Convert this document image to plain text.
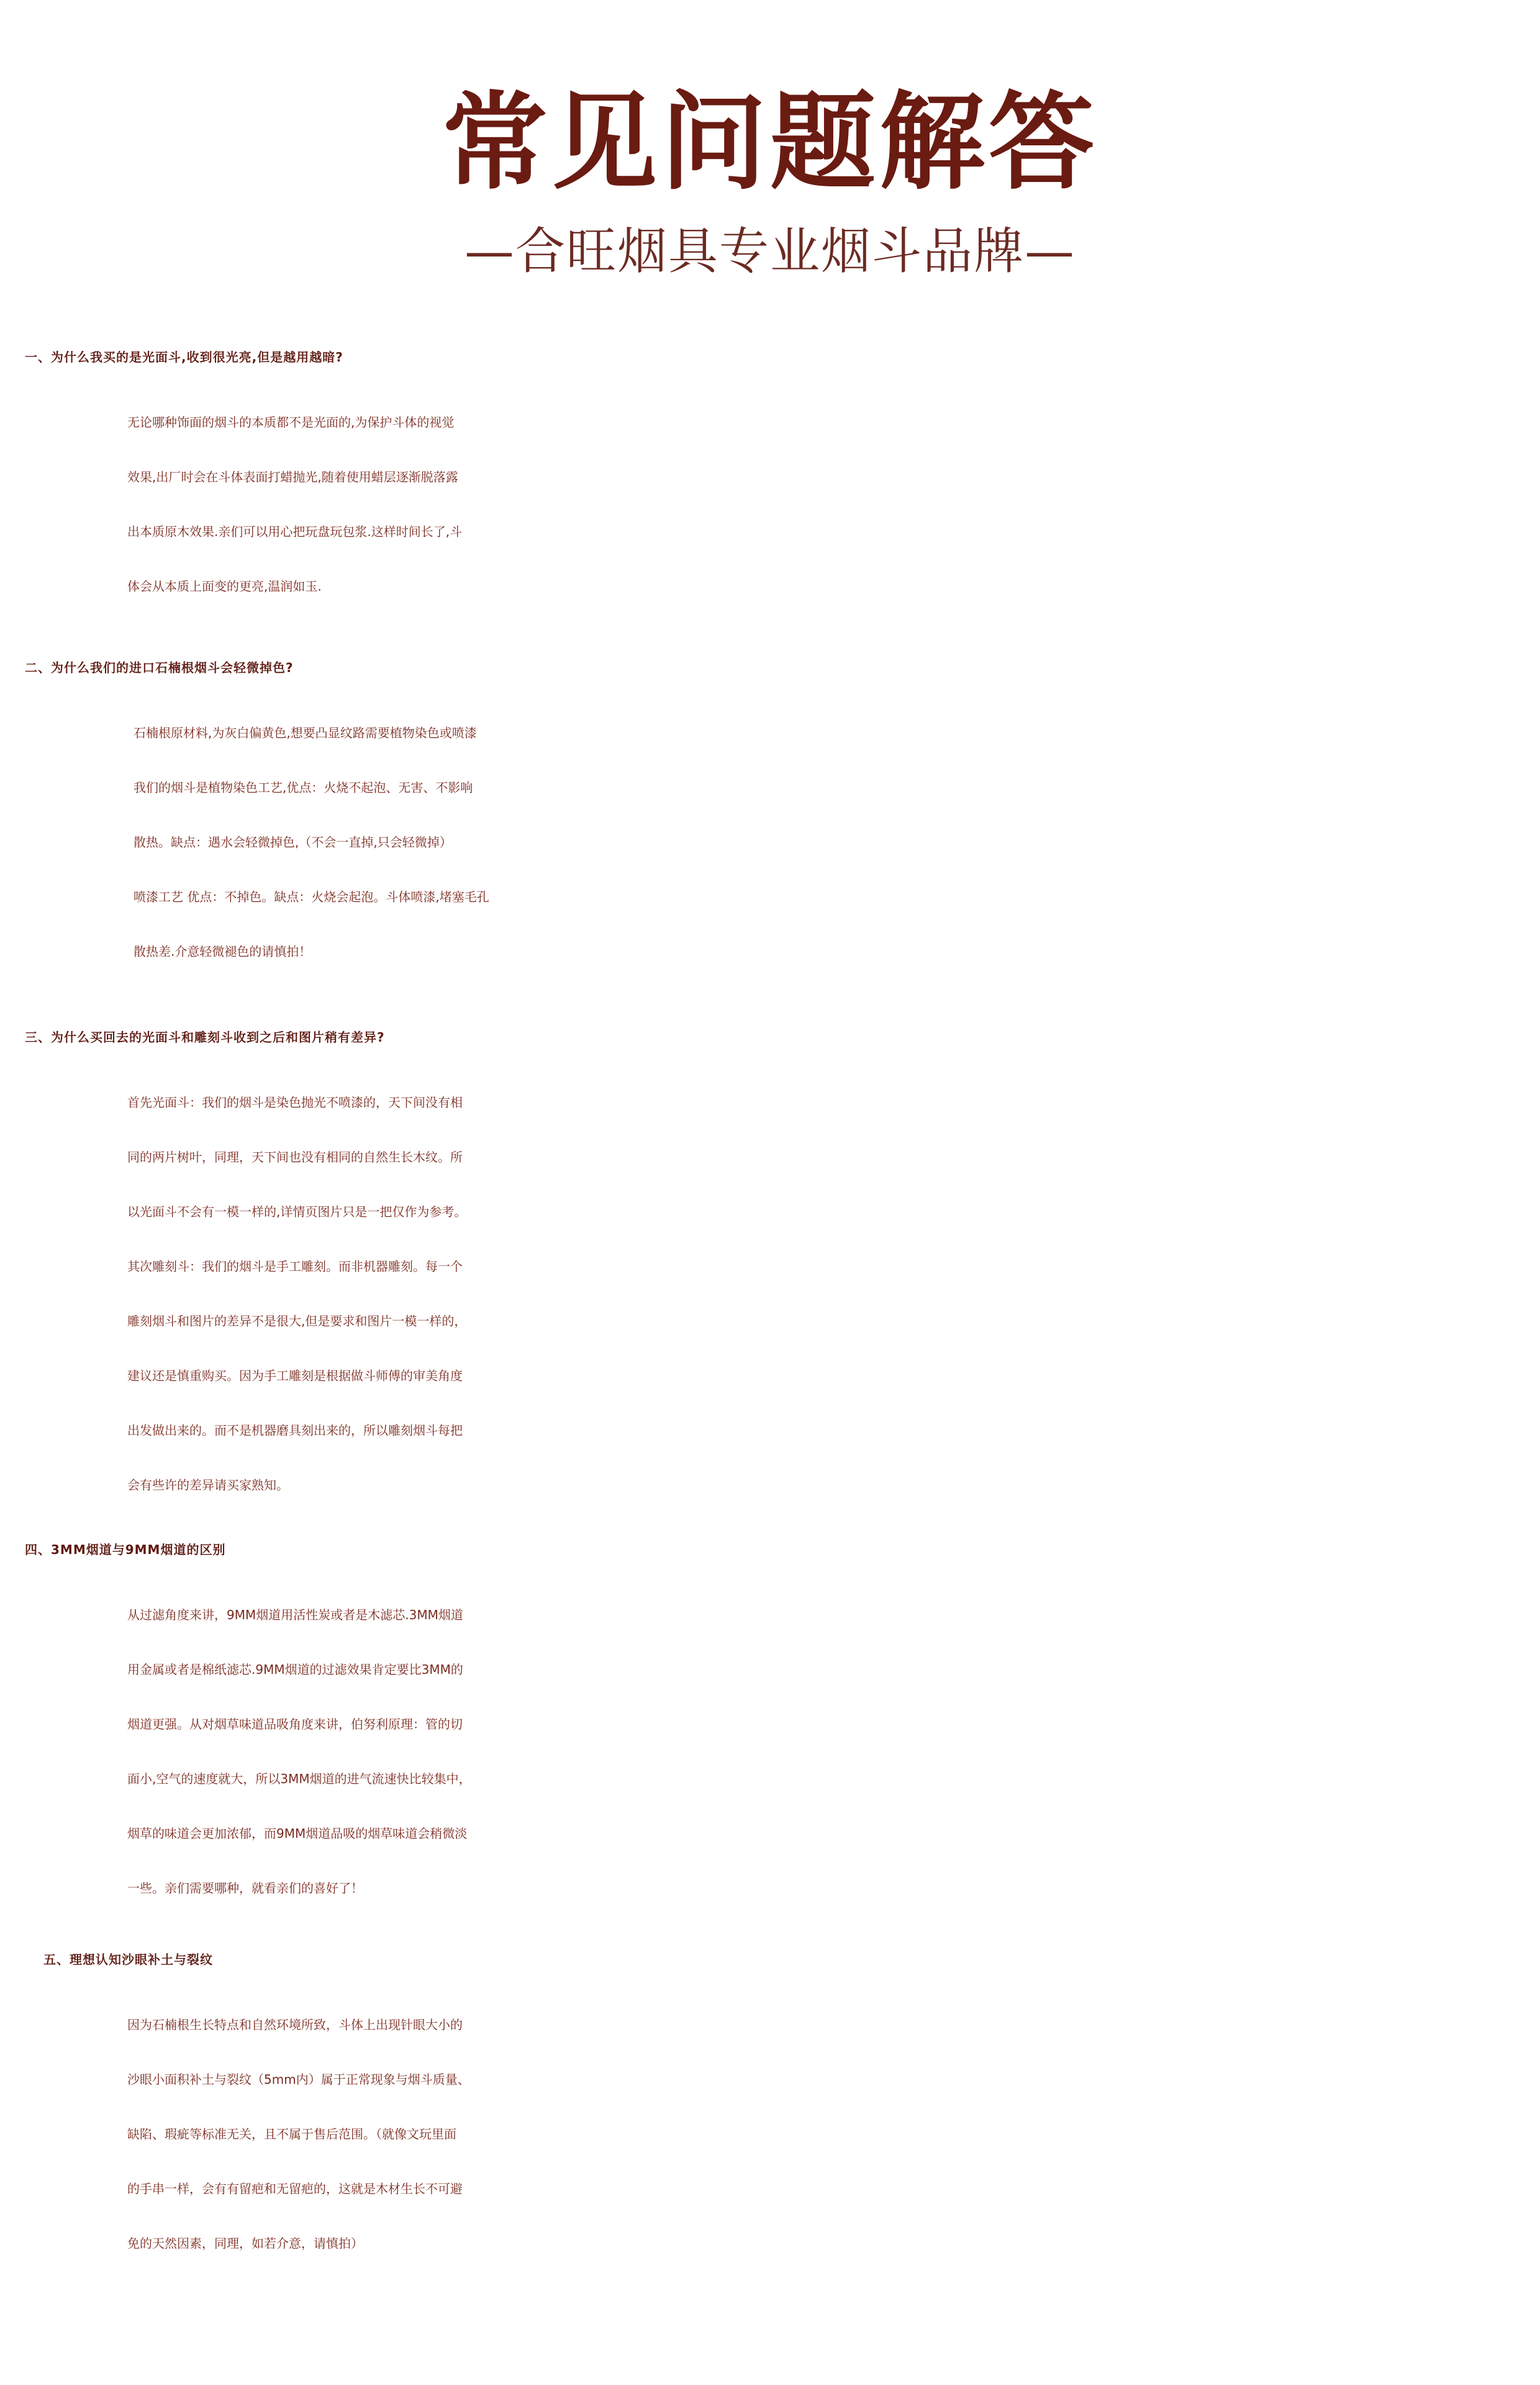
常见问题解答
—合旺烟具专业烟斗品牌—
一、为什么我买的是光面斗,收到很光亮,但是越用越暗?
无论哪种饰面的烟斗的本质都不是光面的,为保护斗体的视觉
效果,出厂时会在斗体表面打蜡抛光,随着使用蜡层逐渐脱落露
出本质原木效果.亲们可以用心把玩盘玩包浆.这样时间长了,斗
体会从本质上面变的更亮,温润如玉.
二、为什么我们的进口石楠根烟斗会轻微掉色?
石楠根原材料,为灰白偏黄色,想要凸显纹路需要植物染色或喷漆
我们的烟斗是植物染色工艺,优点：火烧不起泡、无害、不影响
散热。缺点：遇水会轻微掉色,（不会一直掉,只会轻微掉）
喷漆工艺 优点：不掉色。缺点：火烧会起泡。斗体喷漆,堵塞毛孔
散热差.介意轻微褪色的请慎拍！
三、为什么买回去的光面斗和雕刻斗收到之后和图片稍有差异?
首先光面斗：我们的烟斗是染色抛光不喷漆的，天下间没有相
同的两片树叶，同理，天下间也没有相同的自然生长木纹。所
以光面斗不会有一模一样的,详情页图片只是一把仅作为参考。
其次雕刻斗：我们的烟斗是手工雕刻。而非机器雕刻。每一个
雕刻烟斗和图片的差异不是很大,但是要求和图片一模一样的，
建议还是慎重购买。因为手工雕刻是根据做斗师傅的审美角度
出发做出来的。而不是机器磨具刻出来的，所以雕刻烟斗每把
会有些许的差异请买家熟知。
四、3MM烟道与9MM烟道的区别
从过滤角度来讲，9MM烟道用活性炭或者是木滤芯.3MM烟道
用金属或者是棉纸滤芯.9MM烟道的过滤效果肯定要比3MM的
烟道更强。从对烟草味道品吸角度来讲，伯努利原理：管的切
面小,空气的速度就大，所以3MM烟道的进气流速快比较集中，
烟草的味道会更加浓郁，而9MM烟道品吸的烟草味道会稍微淡
一些。亲们需要哪种，就看亲们的喜好了！
五、理想认知沙眼补土与裂纹
因为石楠根生长特点和自然环境所致，斗体上出现针眼大小的
沙眼小面积补土与裂纹（5mm内）属于正常现象与烟斗质量、
缺陷、瑕疵等标准无关，且不属于售后范围。（就像文玩里面
的手串一样，会有有留疤和无留疤的，这就是木材生长不可避
免的天然因素，同理，如若介意，请慎拍）
